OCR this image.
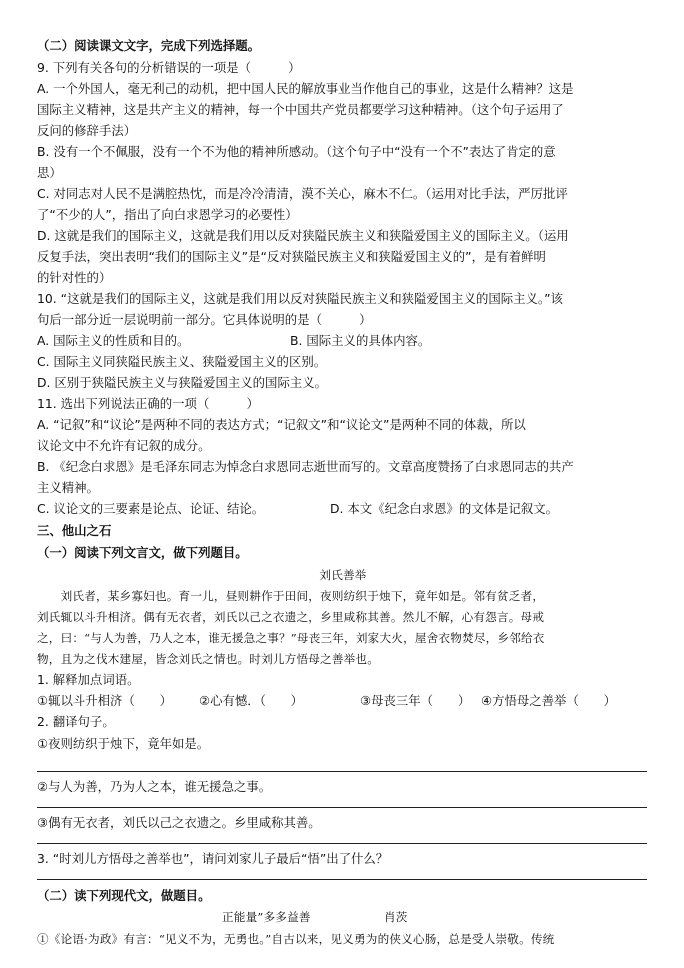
（二）阅读课文文字，完成下列选择题。
9. 下列有关各句的分析错误的一项是（　　　）
A. 一个外国人，毫无利己的动机，把中国人民的解放事业当作他自己的事业，这是什么精神？这是
国际主义精神，这是共产主义的精神，每一个中国共产党员都要学习这种精神。（这个句子运用了
反问的修辞手法）
B. 没有一个不佩服，没有一个不为他的精神所感动。（这个句子中“没有一个不”表达了肯定的意
思）
C. 对同志对人民不是满腔热忱，而是冷冷清清，漠不关心，麻木不仁。（运用对比手法，严厉批评
了“不少的人”，指出了向白求恩学习的必要性）
D. 这就是我们的国际主义，这就是我们用以反对狭隘民族主义和狭隘爱国主义的国际主义。（运用
反复手法，突出表明“我们的国际主义”是“反对狭隘民族主义和狭隘爱国主义的”，是有着鲜明
的针对性的）
10. “这就是我们的国际主义，这就是我们用以反对狭隘民族主义和狭隘爱国主义的国际主义。”该
句后一部分近一层说明前一部分。它具体说明的是（　　　）
A. 国际主义的性质和目的。	B. 国际主义的具体内容。
C. 国际主义同狭隘民族主义、狭隘爱国主义的区别。
D. 区别于狭隘民族主义与狭隘爱国主义的国际主义。
11. 选出下列说法正确的一项（　　　）
A. “记叙”和“议论”是两种不同的表达方式；“记叙文”和“议论文”是两种不同的体裁，所以
议论文中不允许有记叙的成分。
B. 《纪念白求恩》是毛泽东同志为悼念白求恩同志逝世而写的。文章高度赞扬了白求恩同志的共产
主义精神。
C. 议论文的三要素是论点、论证、结论。	D. 本文《纪念白求恩》的文体是记叙文。
三、他山之石
（一）阅读下列文言文，做下列题目。
刘氏善举
　　刘氏者，某乡寡妇也。育一儿，昼则耕作于田间，夜则纺织于烛下，竟年如是。邻有贫乏者，
刘氏辄以斗升相济。偶有无衣者，刘氏以己之衣遗之，乡里咸称其善。然儿不解，心有怨言。母戒
之，曰：“与人为善，乃人之本，谁无援急之事？”母丧三年，刘家大火，屋舍衣物焚尽，乡邻给衣
物，且为之伐木建屋，皆念刘氏之情也。时刘儿方悟母之善举也。
1. 解释加点词语。
①辄以斗升相济（　　）	②心有憾．（　　）	③母丧三年（　　） ④方悟母之善举（　　）
2. 翻译句子。
①夜则纺织于烛下，竟年如是。
②与人为善，乃为人之本，谁无援急之事。
③偶有无衣者，刘氏以己之衣遗之。乡里咸称其善。
3. “时刘儿方悟母之善举也”，请问刘家儿子最后“悟”出了什么？
（二）读下列现代文，做题目。
正能量”多多益善	肖茨
①《论语·为政》有言：“见义不为，无勇也。”自古以来，见义勇为的侠义心肠，总是受人崇敬。传统
